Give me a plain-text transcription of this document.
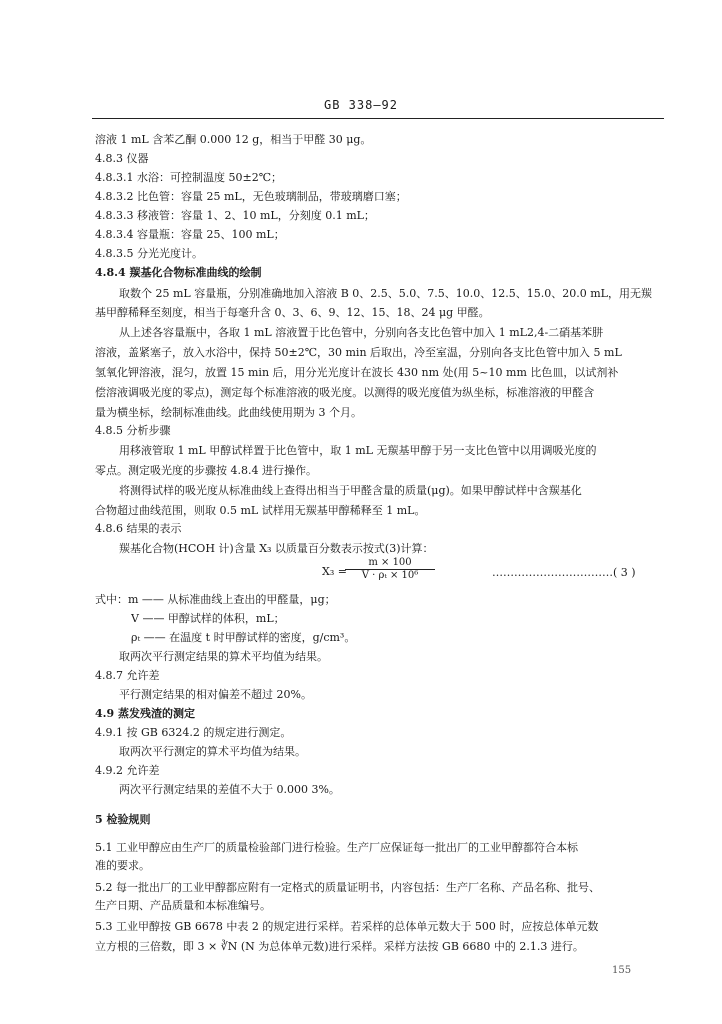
GB 338—92
溶液 1 mL 含苯乙酮 0.000 12 g，相当于甲醛 30 μg。
4.8.3 仪器
4.8.3.1 水浴：可控制温度 50±2℃；
4.8.3.2 比色管：容量 25 mL，无色玻璃制品，带玻璃磨口塞；
4.8.3.3 移液管：容量 1、2、10 mL，分刻度 0.1 mL；
4.8.3.4 容量瓶：容量 25、100 mL；
4.8.3.5 分光光度计。
4.8.4 羰基化合物标准曲线的绘制
取数个 25 mL 容量瓶，分别准确地加入溶液 B 0、2.5、5.0、7.5、10.0、12.5、15.0、20.0 mL，用无羰
基甲醇稀释至刻度，相当于每毫升含 0、3、6、9、12、15、18、24 μg 甲醛。
从上述各容量瓶中，各取 1 mL 溶液置于比色管中，分别向各支比色管中加入 1 mL2,4-二硝基苯肼
溶液，盖紧塞子，放入水浴中，保持 50±2℃，30 min 后取出，冷至室温，分别向各支比色管中加入 5 mL
氢氧化钾溶液，混匀，放置 15 min 后，用分光光度计在波长 430 nm 处(用 5~10 mm 比色皿，以试剂补
偿溶液调吸光度的零点)，测定每个标准溶液的吸光度。以测得的吸光度值为纵坐标，标准溶液的甲醛含
量为横坐标，绘制标准曲线。此曲线使用期为 3 个月。
4.8.5 分析步骤
用移液管取 1 mL 甲醇试样置于比色管中，取 1 mL 无羰基甲醇于另一支比色管中以用调吸光度的
零点。测定吸光度的步骤按 4.8.4 进行操作。
将测得试样的吸光度从标准曲线上查得出相当于甲醛含量的质量(μg)。如果甲醇试样中含羰基化
合物超过曲线范围，则取 0.5 mL 试样用无羰基甲醇稀释至 1 mL。
4.8.6 结果的表示
羰基化合物(HCOH 计)含量 X₃ 以质量百分数表示按式(3)计算：
X₃ =
$\frac{m \times 100}{\text{V · ρₜ × 10⁶}}$	……………………………( 3 )
式中：m —— 从标准曲线上查出的甲醛量，μg；
V —— 甲醇试样的体积，mL；
ρₜ —— 在温度 t 时甲醇试样的密度，g/cm³。
取两次平行测定结果的算术平均值为结果。
4.8.7 允许差
平行测定结果的相对偏差不超过 20%。
4.9 蒸发残渣的测定
4.9.1 按 GB 6324.2 的规定进行测定。
取两次平行测定的算术平均值为结果。
4.9.2 允许差
两次平行测定结果的差值不大于 0.000 3%。
5 检验规则
5.1 工业甲醇应由生产厂的质量检验部门进行检验。生产厂应保证每一批出厂的工业甲醇都符合本标
准的要求。
5.2 每一批出厂的工业甲醇都应附有一定格式的质量证明书，内容包括：生产厂名称、产品名称、批号、
生产日期、产品质量和本标准编号。
5.3 工业甲醇按 GB 6678 中表 2 的规定进行采样。若采样的总体单元数大于 500 时，应按总体单元数
立方根的三倍数，即 3 × ∛N (N 为总体单元数)进行采样。采样方法按 GB 6680 中的 2.1.3 进行。
155
